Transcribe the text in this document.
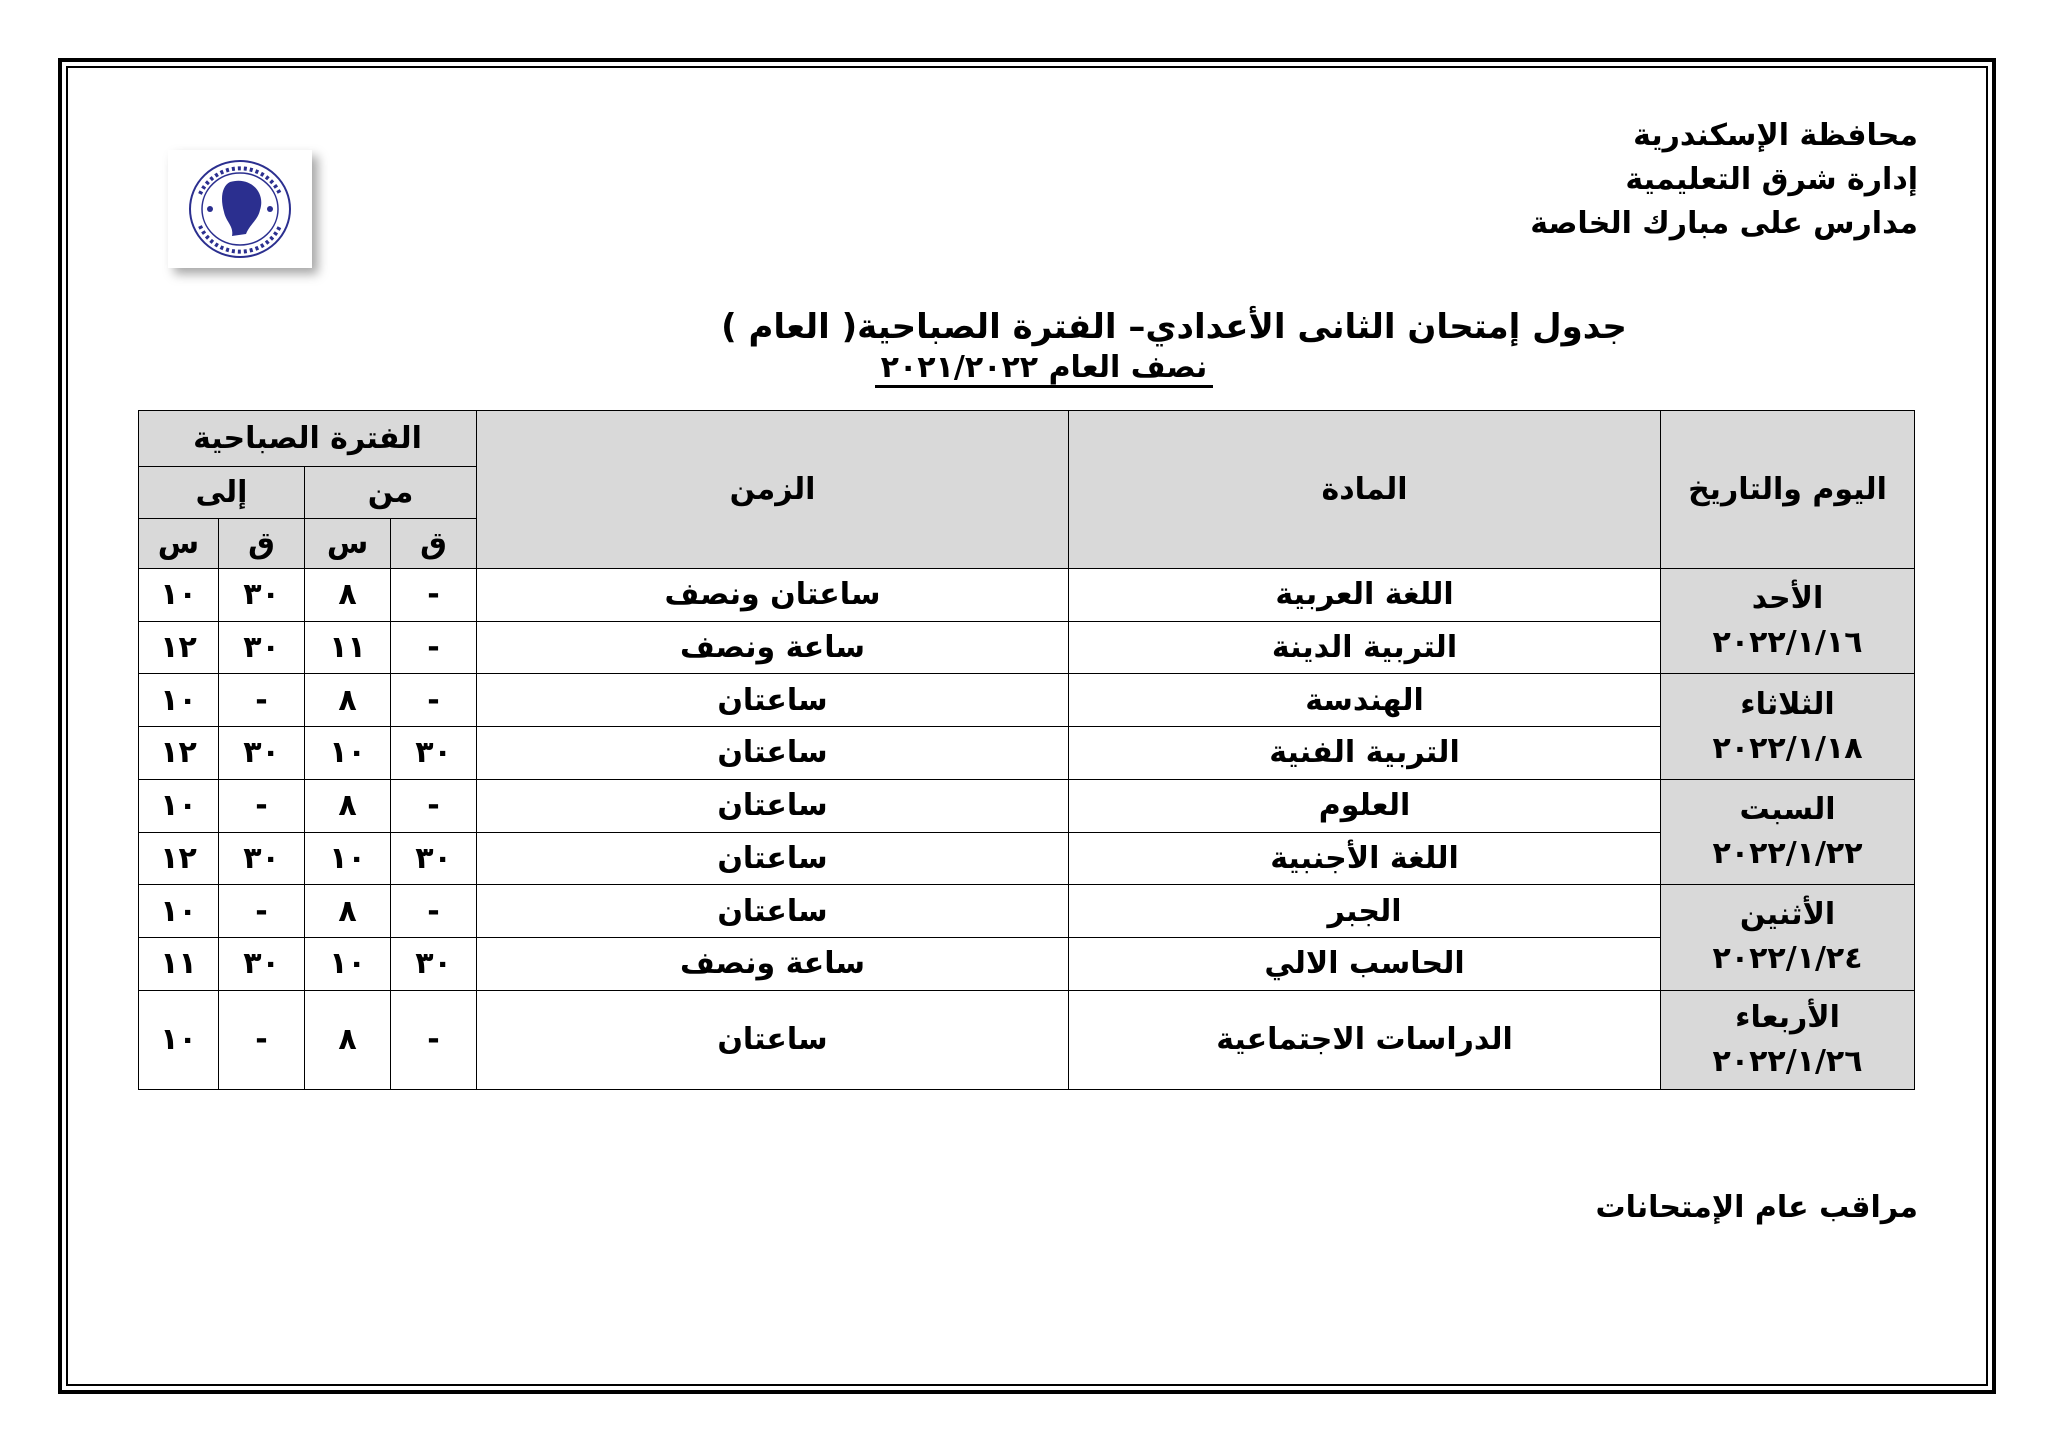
محافظة الإسكندرية
إدارة شرق التعليمية
مدارس على مبارك الخاصة
جدول إمتحان الثانى الأعدادي– الفترة الصباحية( العام )
نصف العام ٢٠٢١/٢٠٢٢
اليوم والتاريخ	المادة	الزمن	الفترة الصباحية			
			من		إلى	
			ق	س	ق	س

الأحد
٢٠٢٢/١/١٦	اللغة العربية	ساعتان ونصف	-	٨	٣٠	١٠
	التربية الدينة	ساعة ونصف	-	١١	٣٠	١٢

الثلاثاء
٢٠٢٢/١/١٨	الهندسة	ساعتان	-	٨	-	١٠
	التربية الفنية	ساعتان	٣٠	١٠	٣٠	١٢

السبت
٢٠٢٢/١/٢٢	العلوم	ساعتان	-	٨	-	١٠
	اللغة الأجنبية	ساعتان	٣٠	١٠	٣٠	١٢

الأثنين
٢٠٢٢/١/٢٤	الجبر	ساعتان	-	٨	-	١٠
	الحاسب الالي	ساعة ونصف	٣٠	١٠	٣٠	١١

الأربعاء
٢٠٢٢/١/٢٦	الدراسات الاجتماعية	ساعتان	-	٨	-	١٠
مراقب عام الإمتحانات
